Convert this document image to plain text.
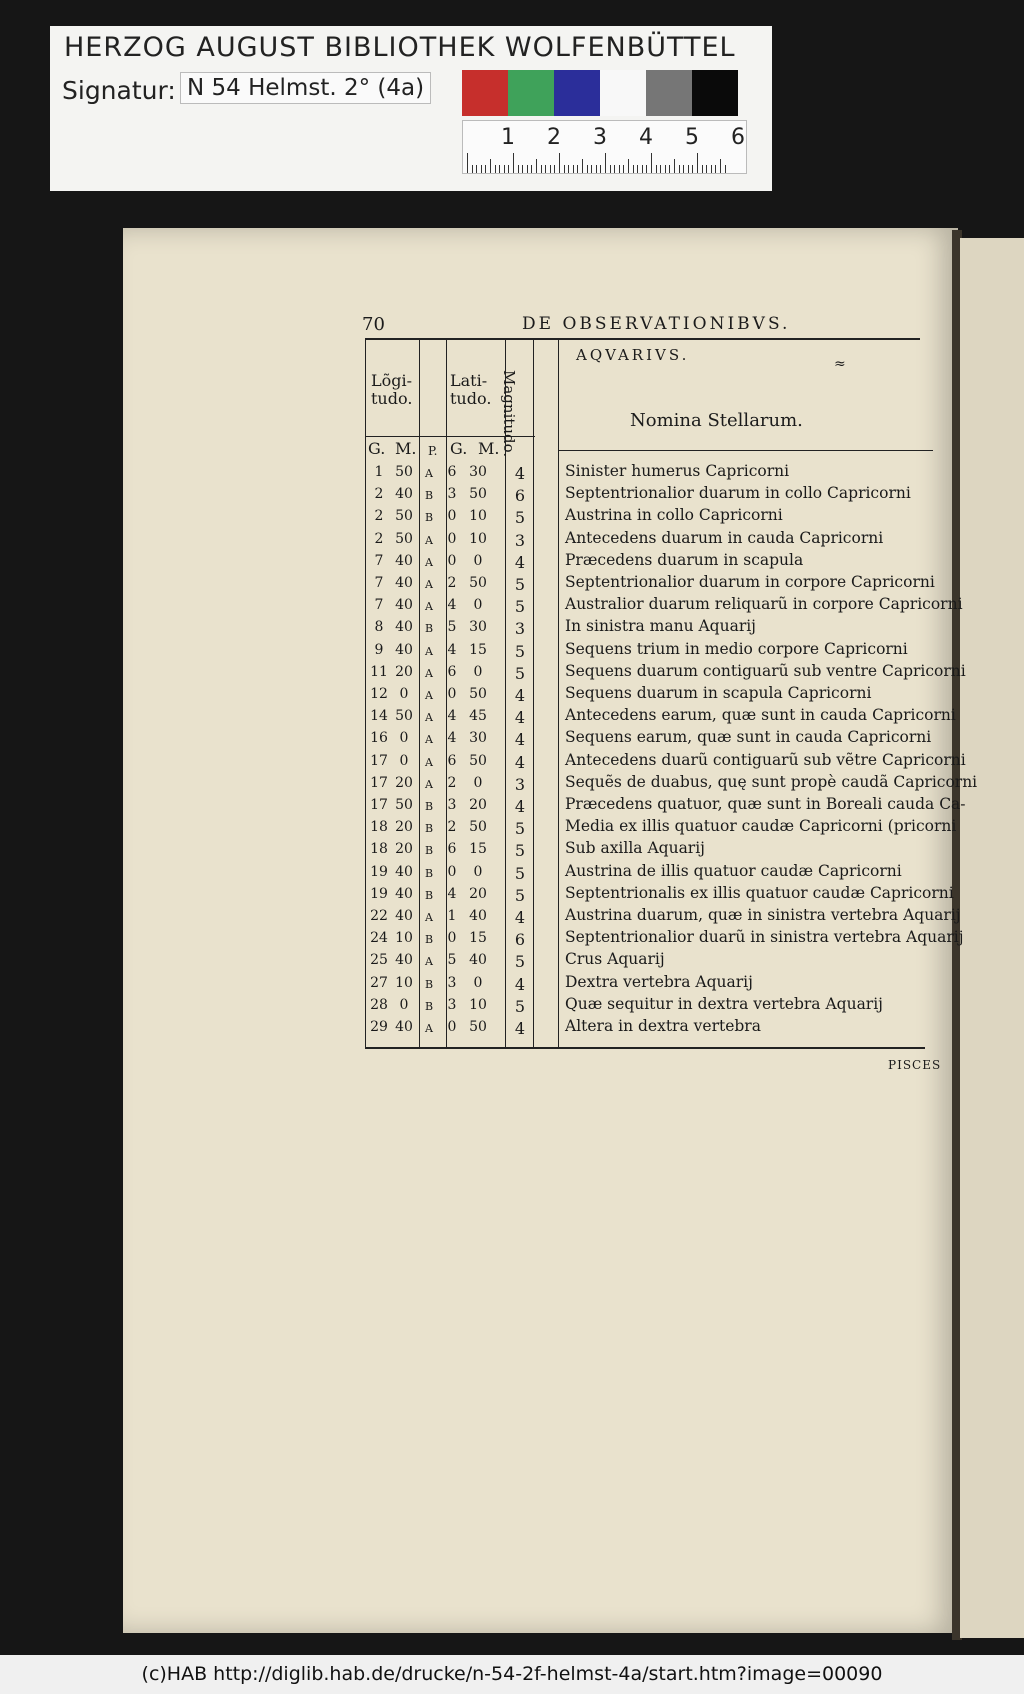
HERZOG AUGUST BIBLIOTHEK WOLFENBÜTTEL
Signatur: N 54 Helmst. 2° (4a)
1 2 3 4 5 6
70	DE OBSERVATIONIBVS.
Lõgi-tudo.
Lati-tudo. Magnitudo.
AQVARIVS.	≈
Nomina Stellarum.
G. M. P. G. M.
1 50	A	6 30	4	Sinister humerus Capricorni
2 40	B	3 50	6	Septentrionalior duarum in collo Capricorni
2 50	B	0 10	5	Austrina in collo Capricorni
2 50	A	0 10	3	Antecedens duarum in cauda Capricorni
7 40	A	0	0	4	Præcedens duarum in scapula
7 40	A	2 50	5	Septentrionalior duarum in corpore Capricorni
7 40	A	4	0	5	Australior duarum reliquarũ in corpore Capricorni
8 40	B	5 30	3	In sinistra manu Aquarij
9 40	A	4 15	5	Sequens trium in medio corpore Capricorni
11 20	A	6	0	5	Sequens duarum contiguarũ sub ventre Capricorni
12 0	A	0 50	4	Sequens duarum in scapula Capricorni
14 50	A	4 45	4	Antecedens earum, quæ sunt in cauda Capricorni
16 0	A	4 30	4	Sequens earum, quæ sunt in cauda Capricorni
17 0	A	6 50	4	Antecedens duarũ contiguarũ sub vẽtre Capricorni
17 20	A	2	0	3	Sequẽs de duabus, quę sunt propè caudã Capricorni
17 50	B	3 20	4	Præcedens quatuor, quæ sunt in Boreali cauda Ca-
18 20	B	2 50	5	Media ex illis quatuor caudæ Capricorni (pricorni
18 20	B	6 15	5	Sub axilla Aquarij
19 40	B	0	0	5	Austrina de illis quatuor caudæ Capricorni
19 40	B	4 20	5	Septentrionalis ex illis quatuor caudæ Capricorni
22 40	A	1 40	4	Austrina duarum, quæ in sinistra vertebra Aquarij
24 10	B	0 15	6	Septentrionalior duarũ in sinistra vertebra Aquarij
25 40	A	5 40	5	Crus Aquarij
27 10	B	3	0	4	Dextra vertebra Aquarij
28 0	B	3 10	5	Quæ sequitur in dextra vertebra Aquarij
29 40	A	0 50	4	Altera in dextra vertebra
PISCES
(c)HAB http://diglib.hab.de/drucke/n-54-2f-helmst-4a/start.htm?image=00090
